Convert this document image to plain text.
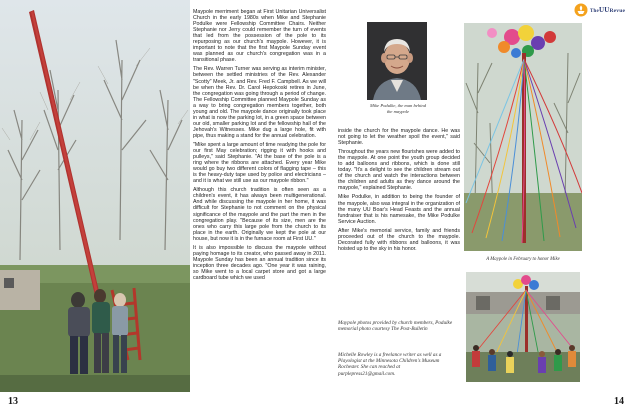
Maypole merriment began at First Unitarian Universalist Church in the early 1980s when Mike and Stephanie Podulke were Fellowship Committee Chairs. Neither Stephanie nor Jerry could remember the turn of events that led from the possession of the pole to its repurposing as our church's maypole. However, it is important to note that the first Maypole Sunday event was planned as our church's congregation was in a transitional phase.

The Rev. Warren Turner was serving as interim minister, between the settled ministries of the Rev. Alexander "Scotty" Meek, Jr. and Rev. Fred F. Campbell. As we will be when the Rev. Dr. Carol Hepokoski retires in June, the congregation was going through a period of change. The Fellowship Committee planned Maypole Sunday as a way to bring congregation members together, both young and old. The maypole dance originally took place in what is now the parking lot, in a green space between our old, smaller parking lot and the fellowship hall of the Jehovah's Witnesses. Mike dug a large hole, fit with pipe, thus making a stand for the annual celebration.

"Mike spent a large amount of time readying the pole for our first May celebration; rigging it with hooks and pulleys," said Stephanie. "At the base of the pole is a ring where the ribbons are attached. Every year Mike would go buy two different colors of flagging tape – this is the heavy-duty tape used by police and electricians – and it is what we still use as our maypole ribbon."

Although this church tradition is often seen as a children's event, it has always been multigenerational. And while discussing the maypole in her home, it was difficult for Stephanie to not comment on the physical significance of the maypole and the part the men in the congregation play. "Because of its size, men are the ones who carry this large pole from the church to its place in the earth. Originally we kept the pole at our house, but now it is in the furnace room at First UU."

It is also impossible to discuss the maypole without paying homage to its creator, who passed away in 2011. Maypole Sunday has been an annual tradition since its inception three decades ago. "One year it was raining, so Mike went to a local carpet store and got a large cardboard tube which we used

13
Mike Podulke, the man behind the maypole

inside the church for the maypole dance. He was not going to let the weather spoil the event," said Stephanie.

Throughout the years new flourishes were added to the maypole. At one point the youth group decided to add balloons and ribbons, which is done still today. "It's a delight to see the children stream out of the church and watch the interactions between the children and adults as they dance around the maypole," explained Stephanie.

Mike Podulke, in addition to being the founder of the maypole, also was integral in the organization of the many UU Boar's Head Feasts and the annual fundraiser that is his namesake, the Mike Podulke Service Auction.

After Mike's memorial service, family and friends proceeded out of the church to the maypole. Decorated fully with ribbons and balloons, it was hoisted up to the sky in his honor.

Maypole photos provided by church members, Podulke memorial photo courtesy The Post-Bulletin
Michelle Rowley is a freelance writer as well as a Playologist at the Minnesota Children's Museum Rochester. She can reached at purplepress21@gmail.com.
A Maypole in February to honor Mike
TheUURevue
14
